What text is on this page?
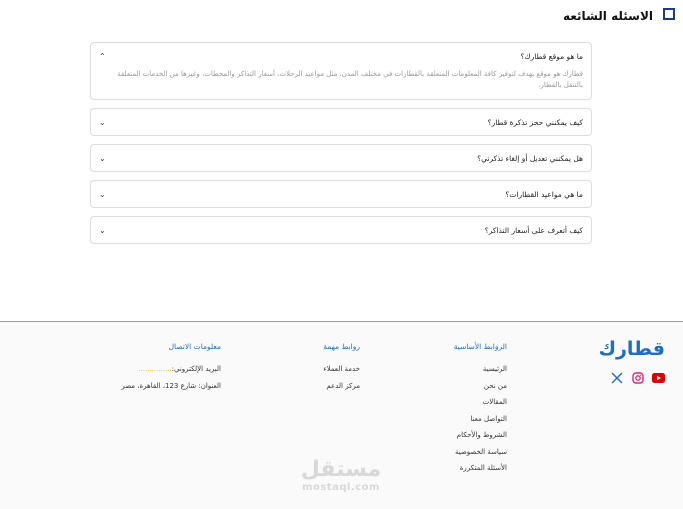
الاسئله الشائعه
ما هو موقع قطارك؟
⌃
قطارك هو موقع يهدف لتوفير كافة المعلومات المتعلقة بالقطارات في مختلف المدن، مثل مواعيد الرحلات، أسعار التذاكر والمحطات، وغيرها من الخدمات المتعلقة بالتنقل بالقطار.
كيف يمكنني حجز تذكرة قطار؟
⌄
هل يمكنني تعديل أو إلغاء تذكرتي؟
⌄
ما هي مواعيد القطارات؟
⌄
كيف أتعرف على أسعار التذاكر؟
⌄
قطارك
الروابط الأساسية
الرئيسية
من نحن
المقالات
التواصل معنا
الشروط والأحكام
سياسة الخصوصية
الأسئلة المتكررة
روابط مهمة
خدمة العملاء
مركز الدعم
معلومات الاتصال
البريد الإلكتروني:...............
العنوان: شارع 123، القاهرة، مصر
مستقل
mostaql.com
